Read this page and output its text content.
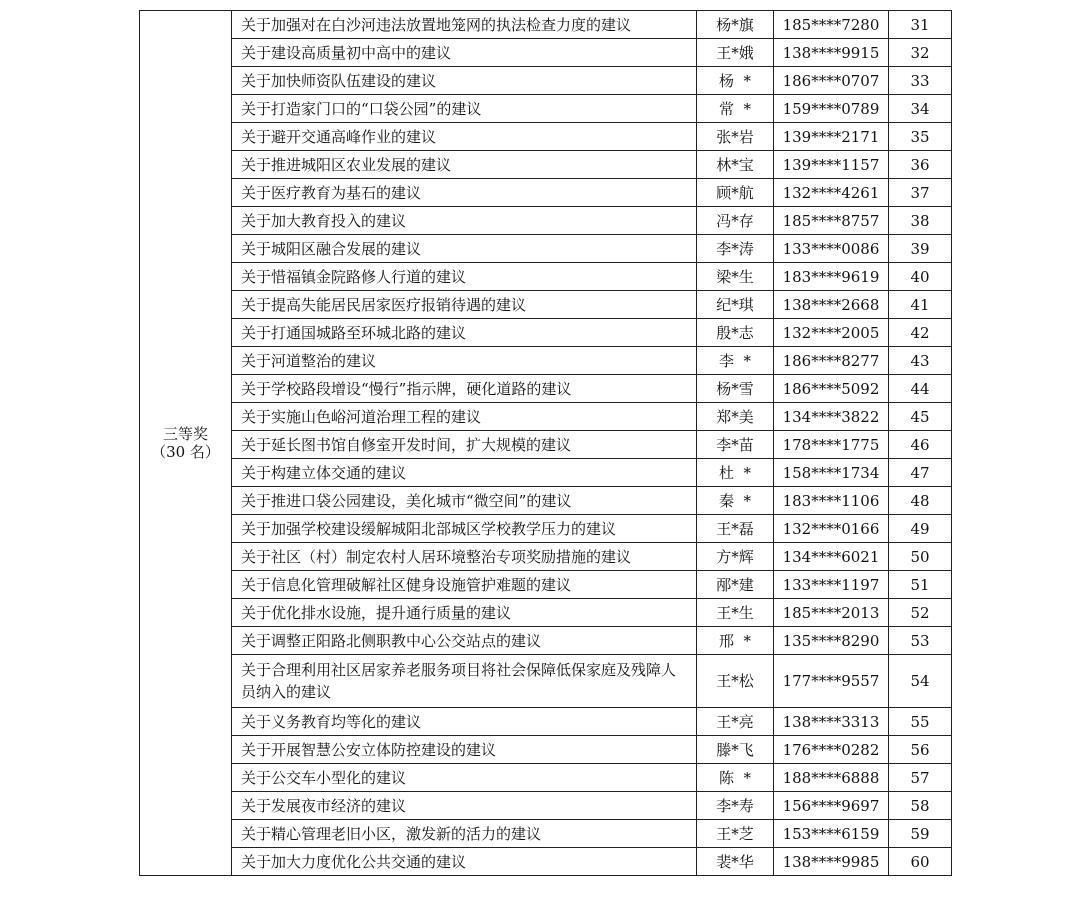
三等奖
（30 名）	关于加强对在白沙河违法放置地笼网的执法检查力度的建议	杨*旗	185****7280	31
	关于建设高质量初中高中的建议	王*娥	138****9915	32
	关于加快师资队伍建设的建议	杨  *	186****0707	33
	关于打造家门口的“口袋公园”的建议	常  *	159****0789	34
	关于避开交通高峰作业的建议	张*岩	139****2171	35
	关于推进城阳区农业发展的建议	林*宝	139****1157	36
	关于医疗教育为基石的建议	顾*航	132****4261	37
	关于加大教育投入的建议	冯*存	185****8757	38
	关于城阳区融合发展的建议	李*涛	133****0086	39
	关于惜福镇金院路修人行道的建议	梁*生	183****9619	40
	关于提高失能居民居家医疗报销待遇的建议	纪*琪	138****2668	41
	关于打通国城路至环城北路的建议	殷*志	132****2005	42
	关于河道整治的建议	李  *	186****8277	43
	关于学校路段增设“慢行”指示牌，硬化道路的建议	杨*雪	186****5092	44
	关于实施山色峪河道治理工程的建议	郑*美	134****3822	45
	关于延长图书馆自修室开发时间，扩大规模的建议	李*苗	178****1775	46
	关于构建立体交通的建议	杜  *	158****1734	47
	关于推进口袋公园建设，美化城市“微空间”的建议	秦  *	183****1106	48
	关于加强学校建设缓解城阳北部城区学校教学压力的建议	王*磊	132****0166	49
	关于社区（村）制定农村人居环境整治专项奖励措施的建议	方*辉	134****6021	50
	关于信息化管理破解社区健身设施管护难题的建议	邴*建	133****1197	51
	关于优化排水设施，提升通行质量的建议	王*生	185****2013	52
	关于调整正阳路北侧职教中心公交站点的建议	邢  *	135****8290	53
	关于合理利用社区居家养老服务项目将社会保障低保家庭及残障人员纳入的建议	王*松	177****9557	54
	关于义务教育均等化的建议	王*亮	138****3313	55
	关于开展智慧公安立体防控建设的建议	滕*飞	176****0282	56
	关于公交车小型化的建议	陈  *	188****6888	57
	关于发展夜市经济的建议	李*寿	156****9697	58
	关于精心管理老旧小区，激发新的活力的建议	王*芝	153****6159	59
	关于加大力度优化公共交通的建议	裴*华	138****9985	60
